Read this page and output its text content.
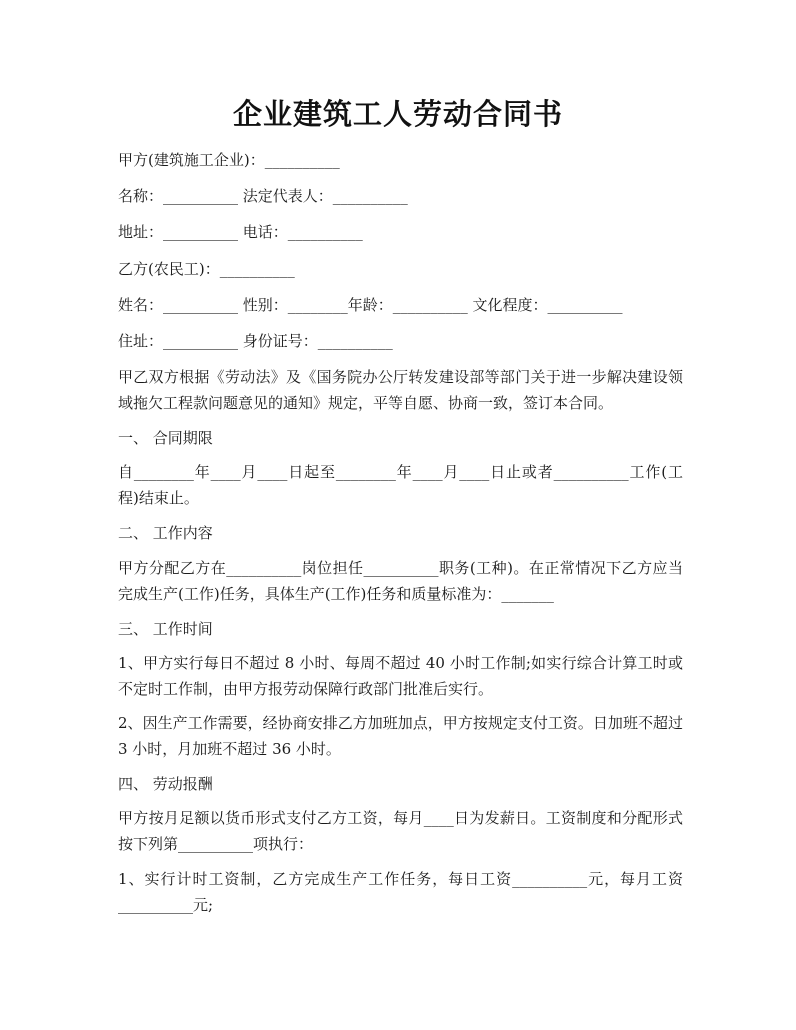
企业建筑工人劳动合同书
甲方(建筑施工企业)：__________
名称：__________ 法定代表人：__________
地址：__________ 电话：__________
乙方(农民工)：__________
姓名：__________ 性别：________年龄：__________ 文化程度：__________
住址：__________ 身份证号：__________
甲乙双方根据《劳动法》及《国务院办公厅转发建设部等部门关于进一步解决建设领域拖欠工程款问题意见的通知》规定，平等自愿、协商一致，签订本合同。
一、 合同期限
自________年____月____日起至________年____月____日止或者__________工作(工程)结束止。
二、 工作内容
甲方分配乙方在__________岗位担任__________职务(工种)。在正常情况下乙方应当完成生产(工作)任务，具体生产(工作)任务和质量标准为：_______
三、 工作时间
1、甲方实行每日不超过 8 小时、每周不超过 40 小时工作制;如实行综合计算工时或不定时工作制，由甲方报劳动保障行政部门批准后实行。
2、因生产工作需要，经协商安排乙方加班加点，甲方按规定支付工资。日加班不超过 3 小时，月加班不超过 36 小时。
四、 劳动报酬
甲方按月足额以货币形式支付乙方工资，每月____日为发薪日。工资制度和分配形式按下列第__________项执行：
1、实行计时工资制，乙方完成生产工作任务，每日工资__________元，每月工资__________元;
